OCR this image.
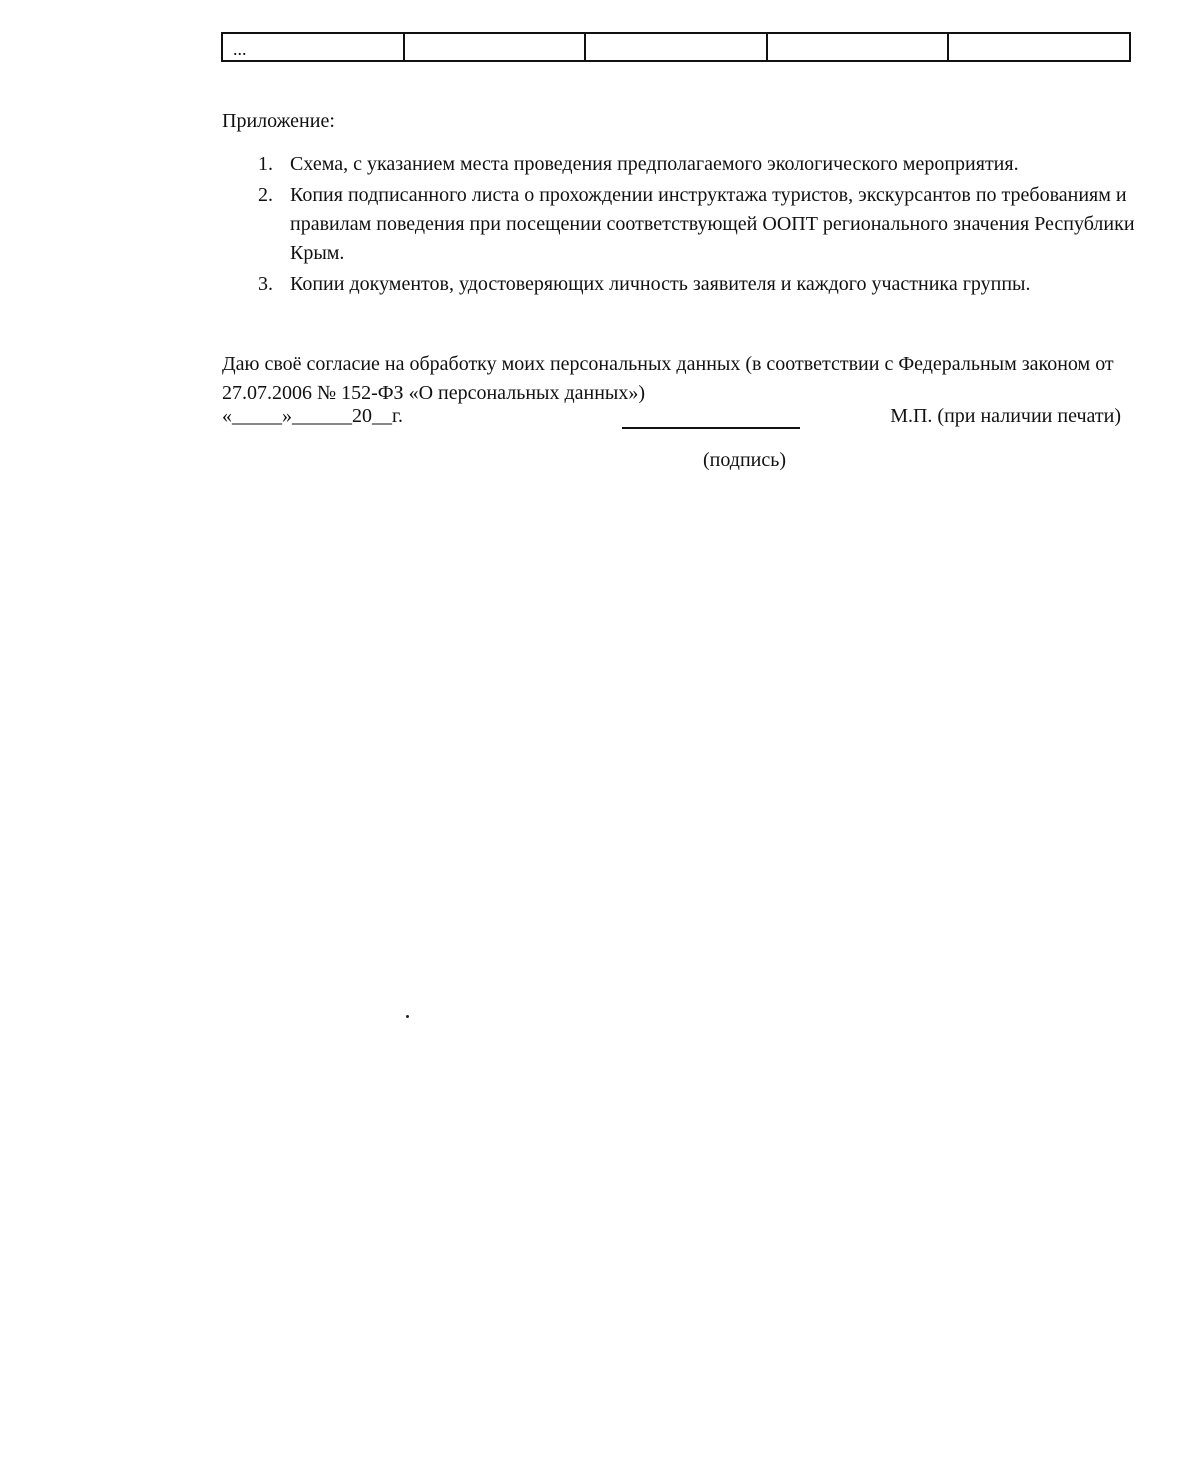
...				
Приложение:
1. Схема, с указанием места проведения предполагаемого экологического мероприятия.
2. Копия подписанного листа о прохождении инструктажа туристов, экскурсантов по требованиям и правилам поведения при посещении соответствующей ООПТ регионального значения Республики Крым.
3. Копии документов, удостоверяющих личность заявителя и каждого участника группы.

Даю своё согласие на обработку моих персональных данных (в соответствии с Федеральным законом от 27.07.2006 № 152-ФЗ «О персональных данных»)

«_____»______20__г.	М.П. (при наличии печати)
(подпись)
